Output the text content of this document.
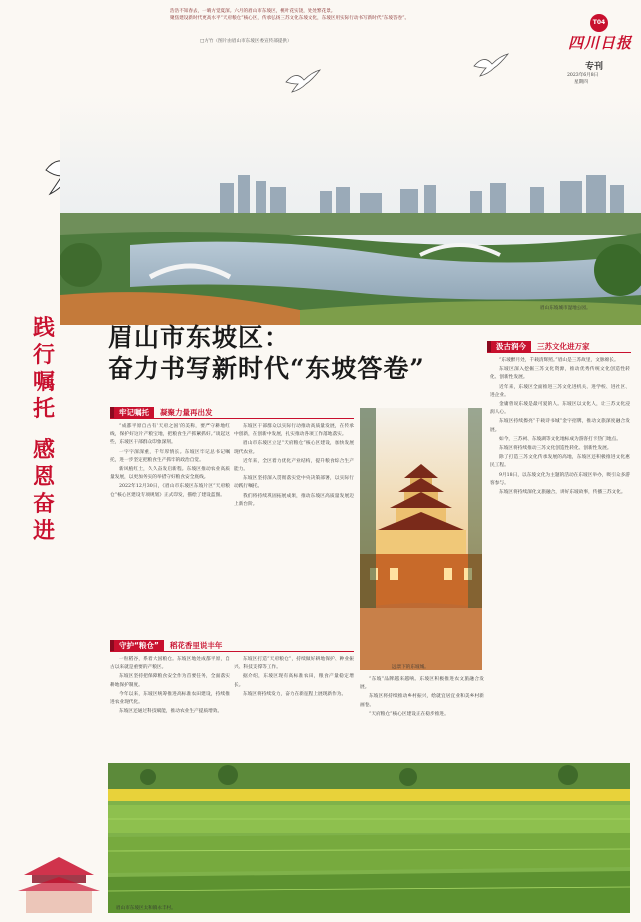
浩浩不知春去，一晴方觉夏深。六月的眉山市东坡区，桃叶花实饶，处处繁花景。
聚焦建设新时代更高水平“天府粮仓”核心区，传承弘扬三苏文化东坡文化，东坡区用实际行动书写新时代“东坡答卷”。
□方竹（图片由眉山市东坡区委宣传部提供）
T04
四川日报
专刊
2023年6月8日
星期四
眉山东坡城市湿地公园。
践
行
嘱
托
感
恩
奋
进
眉山市东坡区：
奋力书写新时代“东坡答卷”
汲古润今 三苏文化进万家

“东坡醉月处，千载清辉照。”眉山是三苏故里，文脉绵长。

东坡区深入挖掘三苏文化资源，推动优秀传统文化创造性转化、创新性发展。

近年来，东坡区全面推进三苏文化进机关、进学校、进社区、进企业。

金庸曾说东坡是最可爱的人。东坡区以文化人，让三苏文化浸润人心。

东坡区持续擦亮“千载诗书城”金字招牌，推动文旅深度融合发展。

如今，三苏祠、东坡湖等文化地标成为游客打卡热门地点。

东坡区将持续推动三苏文化创造性转化、创新性发展。

除了打造三苏文化传承发展的高地，东坡区还积极推进文化惠民工程。

9月18日，以东坡文化为主题的活动在东坡区举办，吸引众多游客参与。

东坡区将持续深化文旅融合，讲好东坡故事，传播三苏文化。

牢记嘱托 凝聚力量再出发

“成都平原自古有‘天府之国’的美称，要严守耕地红线，保护好这片产粮宝地，把粮食生产抓紧抓好。”谈起这些，东坡区干部群众印象深刻。

一字字深深重，千年厚情长。东坡区牢记总书记嘱托，进一步坚定把粮食生产抓牢的政治自觉。

新风植红土，久久奋发启新程。东坡区推动农业高质量发展，以更加务实的举措守好粮食安全底线。

2022年12月30日，《眉山市东坡区东坡片区“天府粮仓”核心区建设专项规划》正式印发，描绘了建设蓝图。

东坡区干部群众以实际行动推动高质量发展，在传承中创新，在创新中发展，扎实推动各项工作落地落实。

眉山市东坡区立足“天府粮仓”核心区建设，加快发展现代农业。

近年来，全区着力优化产业结构，提升粮食综合生产能力。

东坡区坚持深入贯彻落实党中央决策部署，以实际行动践行嘱托。

我们将持续巩固拓展成果，推动东坡区高质量发展迈上新台阶。

远景下的东坡城。
守护“粮仓” 稻花香里说丰年

一粒稻谷，系着大国粮仓。东坡区地处成都平原，自古以来就是重要的产粮区。

东坡区坚持把保障粮食安全作为首要任务，全面落实耕地保护制度。

今年以来，东坡区统筹推进高标准农田建设，持续推进农业现代化。

东坡区还通过科技赋能，推动农业生产提质增效。

东坡区打造“天府粮仓”，持续做好耕地保护、种业振兴、科技支撑等工作。

据介绍，东坡区现有高标准农田，粮食产量稳定增长。

东坡区将持续发力，奋力在新征程上展现新作为。

“东坡”品牌越来越响。东坡区积极推进农文旅融合发展。

东坡区将持续推动乡村振兴，绘就宜居宜业和美乡村新画卷。

“天府粮仓”核心区建设正在稳步推进。

眉山市东坡区太和镇永丰村。
